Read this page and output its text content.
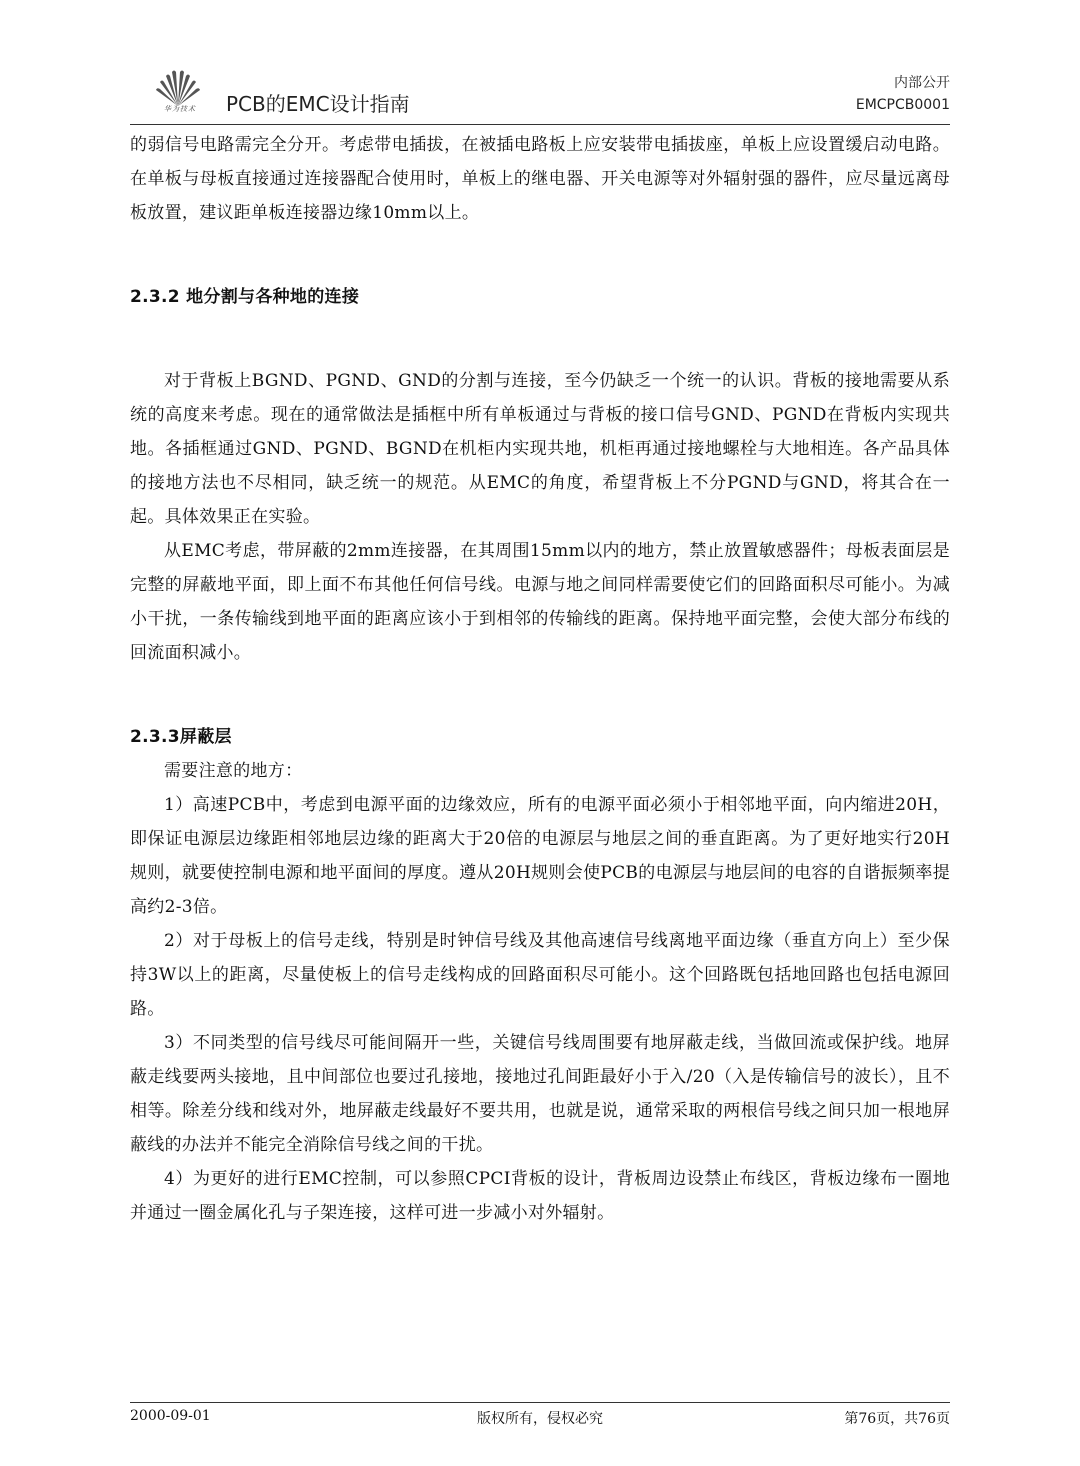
华为技术	PCB的EMC设计指南
内部公开
EMCPCB0001

的弱信号电路需完全分开。考虑带电插拔，在被插电路板上应安装带电插拔座，单板上应设置缓启动电路。在单板与母板直接通过连接器配合使用时，单板上的继电器、开关电源等对外辐射强的器件，应尽量远离母板放置，建议距单板连接器边缘10mm以上。

2.3.2 地分割与各种地的连接

对于背板上BGND、PGND、GND的分割与连接，至今仍缺乏一个统一的认识。背板的接地需要从系统的高度来考虑。现在的通常做法是插框中所有单板通过与背板的接口信号GND、PGND在背板内实现共地。各插框通过GND、PGND、BGND在机柜内实现共地，机柜再通过接地螺栓与大地相连。各产品具体的接地方法也不尽相同，缺乏统一的规范。从EMC的角度，希望背板上不分PGND与GND，将其合在一起。具体效果正在实验。

从EMC考虑，带屏蔽的2mm连接器，在其周围15mm以内的地方，禁止放置敏感器件；母板表面层是完整的屏蔽地平面，即上面不布其他任何信号线。电源与地之间同样需要使它们的回路面积尽可能小。为减小干扰，一条传输线到地平面的距离应该小于到相邻的传输线的距离。保持地平面完整，会使大部分布线的回流面积减小。

2.3.3屏蔽层

需要注意的地方：

1）高速PCB中，考虑到电源平面的边缘效应，所有的电源平面必须小于相邻地平面，向内缩进20H，即保证电源层边缘距相邻地层边缘的距离大于20倍的电源层与地层之间的垂直距离。为了更好地实行20H规则，就要使控制电源和地平面间的厚度。遵从20H规则会使PCB的电源层与地层间的电容的自谐振频率提高约2-3倍。

2）对于母板上的信号走线，特别是时钟信号线及其他高速信号线离地平面边缘（垂直方向上）至少保持3W以上的距离，尽量使板上的信号走线构成的回路面积尽可能小。这个回路既包括地回路也包括电源回路。

3）不同类型的信号线尽可能间隔开一些，关键信号线周围要有地屏蔽走线，当做回流或保护线。地屏蔽走线要两头接地，且中间部位也要过孔接地，接地过孔间距最好小于入/20（入是传输信号的波长），且不相等。除差分线和线对外，地屏蔽走线最好不要共用，也就是说，通常采取的两根信号线之间只加一根地屏蔽线的办法并不能完全消除信号线之间的干扰。

4）为更好的进行EMC控制，可以参照CPCI背板的设计，背板周边设禁止布线区，背板边缘布一圈地并通过一圈金属化孔与子架连接，这样可进一步减小对外辐射。

2000-09-01	版权所有，侵权必究	第76页，共76页
